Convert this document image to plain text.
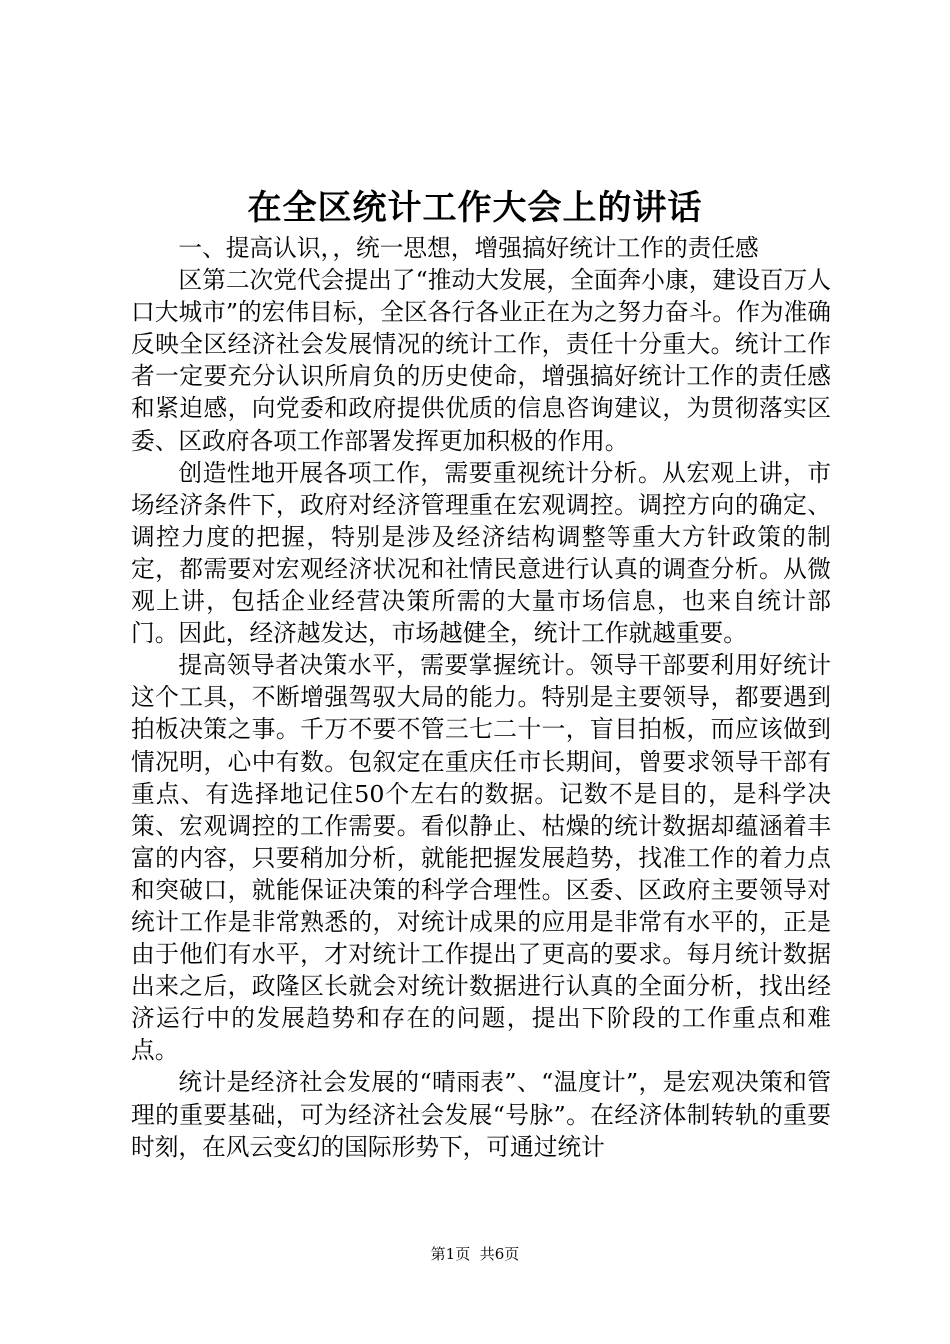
在全区统计工作大会上的讲话

一、提高认识，，统一思想，增强搞好统计工作的责任感

区第二次党代会提出了“推动大发展，全面奔小康，建设百万人口大城市”的宏伟目标，全区各行各业正在为之努力奋斗。作为准确反映全区经济社会发展情况的统计工作，责任十分重大。统计工作者一定要充分认识所肩负的历史使命，增强搞好统计工作的责任感和紧迫感，向党委和政府提供优质的信息咨询建议，为贯彻落实区委、区政府各项工作部署发挥更加积极的作用。

创造性地开展各项工作，需要重视统计分析。从宏观上讲，市场经济条件下，政府对经济管理重在宏观调控。调控方向的确定、调控力度的把握，特别是涉及经济结构调整等重大方针政策的制定，都需要对宏观经济状况和社情民意进行认真的调查分析。从微观上讲，包括企业经营决策所需的大量市场信息，也来自统计部门。因此，经济越发达，市场越健全，统计工作就越重要。

提高领导者决策水平，需要掌握统计。领导干部要利用好统计这个工具，不断增强驾驭大局的能力。特别是主要领导，都要遇到拍板决策之事。千万不要不管三七二十一，盲目拍板，而应该做到情况明，心中有数。包叙定在重庆任市长期间，曾要求领导干部有重点、有选择地记住50个左右的数据。记数不是目的，是科学决策、宏观调控的工作需要。看似静止、枯燥的统计数据却蕴涵着丰富的内容，只要稍加分析，就能把握发展趋势，找准工作的着力点和突破口，就能保证决策的科学合理性。区委、区政府主要领导对统计工作是非常熟悉的，对统计成果的应用是非常有水平的，正是由于他们有水平，才对统计工作提出了更高的要求。每月统计数据出来之后，政隆区长就会对统计数据进行认真的全面分析，找出经济运行中的发展趋势和存在的问题，提出下阶段的工作重点和难点。

统计是经济社会发展的“晴雨表”、“温度计”，是宏观决策和管理的重要基础，可为经济社会发展“号脉”。在经济体制转轨的重要时刻，在风云变幻的国际形势下，可通过统计

第1页 共6页
